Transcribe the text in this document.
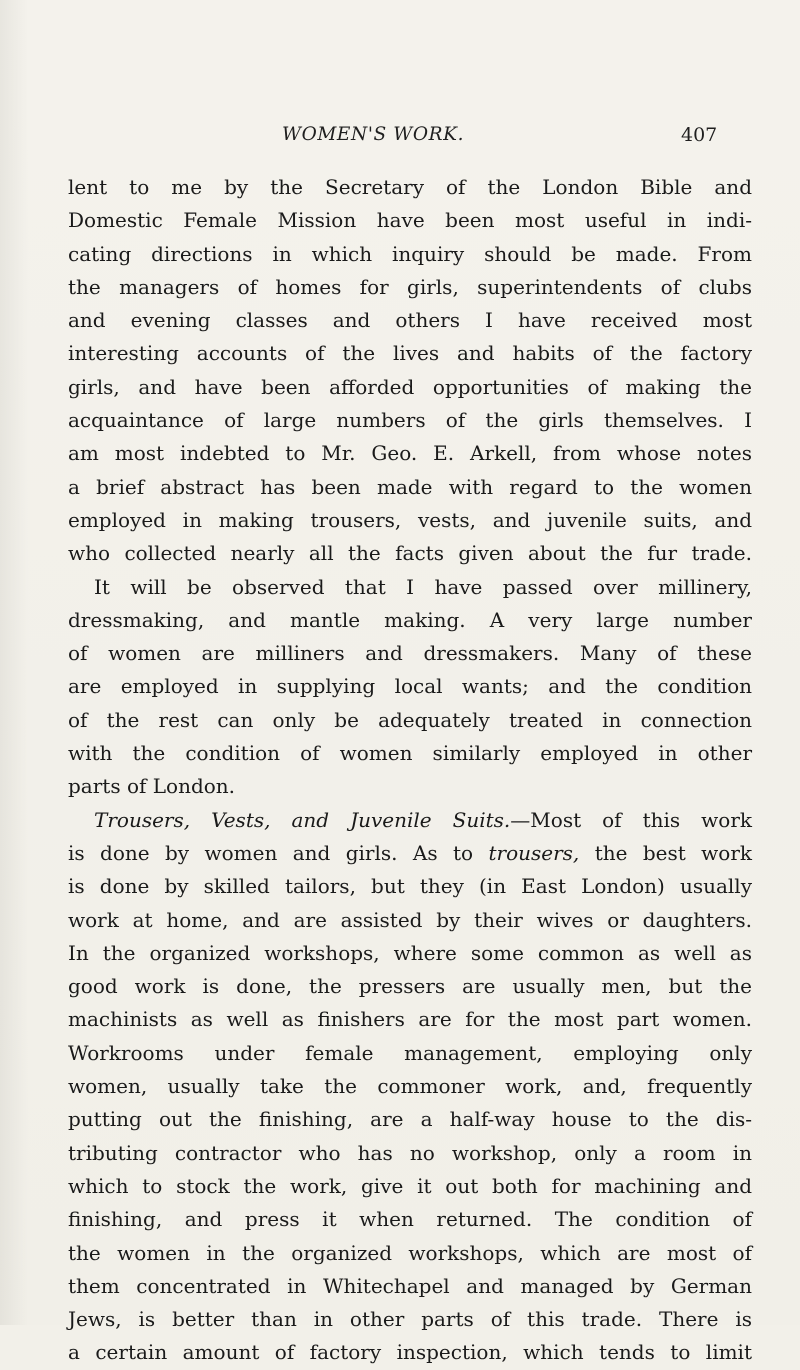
WOMEN'S WORK.	407
lent to me by the Secretary of the London Bible and
Domestic Female Mission have been most useful in indi-
cating directions in which inquiry should be made. From
the managers of homes for girls, superintendents of clubs
and evening classes and others I have received most
interesting accounts of the lives and habits of the factory
girls, and have been afforded opportunities of making the
acquaintance of large numbers of the girls themselves. I
am most indebted to Mr. Geo. E. Arkell, from whose notes
a brief abstract has been made with regard to the women
employed in making trousers, vests, and juvenile suits, and
who collected nearly all the facts given about the fur trade.
It will be observed that I have passed over millinery,
dressmaking, and mantle making. A very large number
of women are milliners and dressmakers. Many of these
are employed in supplying local wants; and the condition
of the rest can only be adequately treated in connection
with the condition of women similarly employed in other
parts of London.
Trousers, Vests, and Juvenile Suits.—Most of this work
is done by women and girls. As to trousers, the best work
is done by skilled tailors, but they (in East London) usually
work at home, and are assisted by their wives or daughters.
In the organized workshops, where some common as well as
good work is done, the pressers are usually men, but the
machinists as well as finishers are for the most part women.
Workrooms under female management, employing only
women, usually take the commoner work, and, frequently
putting out the finishing, are a half-way house to the dis-
tributing contractor who has no workshop, only a room in
which to stock the work, give it out both for machining and
finishing, and press it when returned. The condition of
the women in the organized workshops, which are most of
them concentrated in Whitechapel and managed by German
Jews, is better than in other parts of this trade. There is
a certain amount of factory inspection, which tends to limit
